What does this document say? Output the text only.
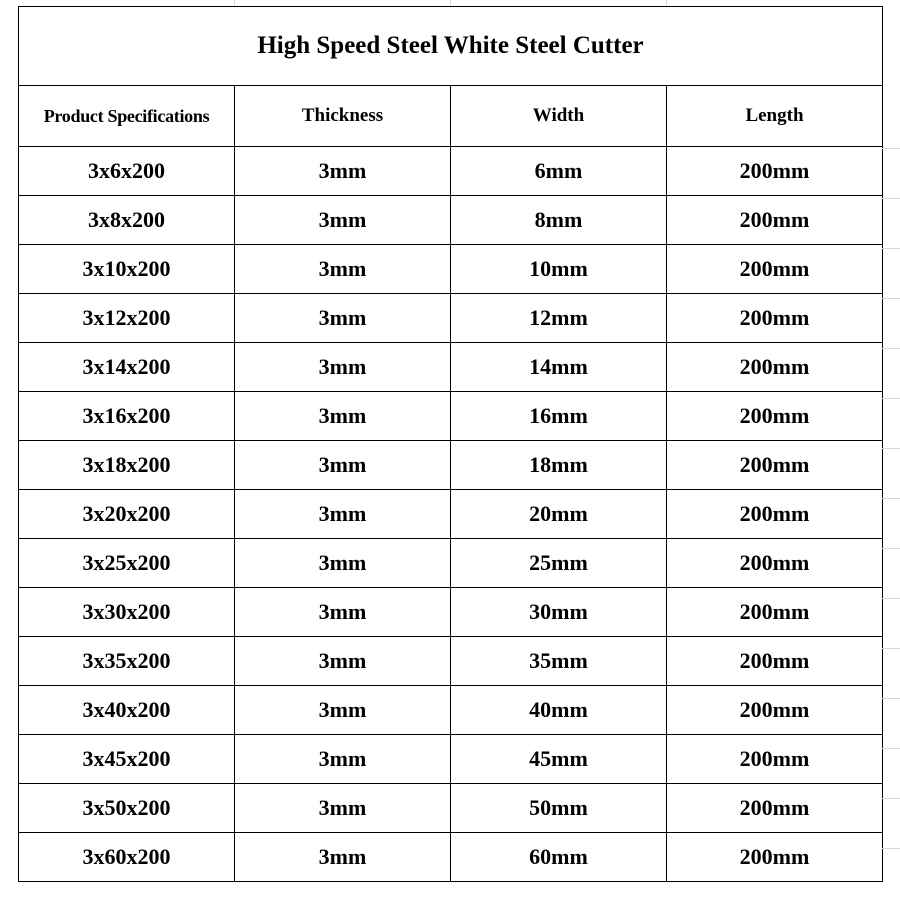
High Speed Steel White Steel Cutter			
Product Specifications	Thickness	Width	Length
3x6x200	3mm	6mm	200mm
3x8x200	3mm	8mm	200mm
3x10x200	3mm	10mm	200mm
3x12x200	3mm	12mm	200mm
3x14x200	3mm	14mm	200mm
3x16x200	3mm	16mm	200mm
3x18x200	3mm	18mm	200mm
3x20x200	3mm	20mm	200mm
3x25x200	3mm	25mm	200mm
3x30x200	3mm	30mm	200mm
3x35x200	3mm	35mm	200mm
3x40x200	3mm	40mm	200mm
3x45x200	3mm	45mm	200mm
3x50x200	3mm	50mm	200mm
3x60x200	3mm	60mm	200mm
